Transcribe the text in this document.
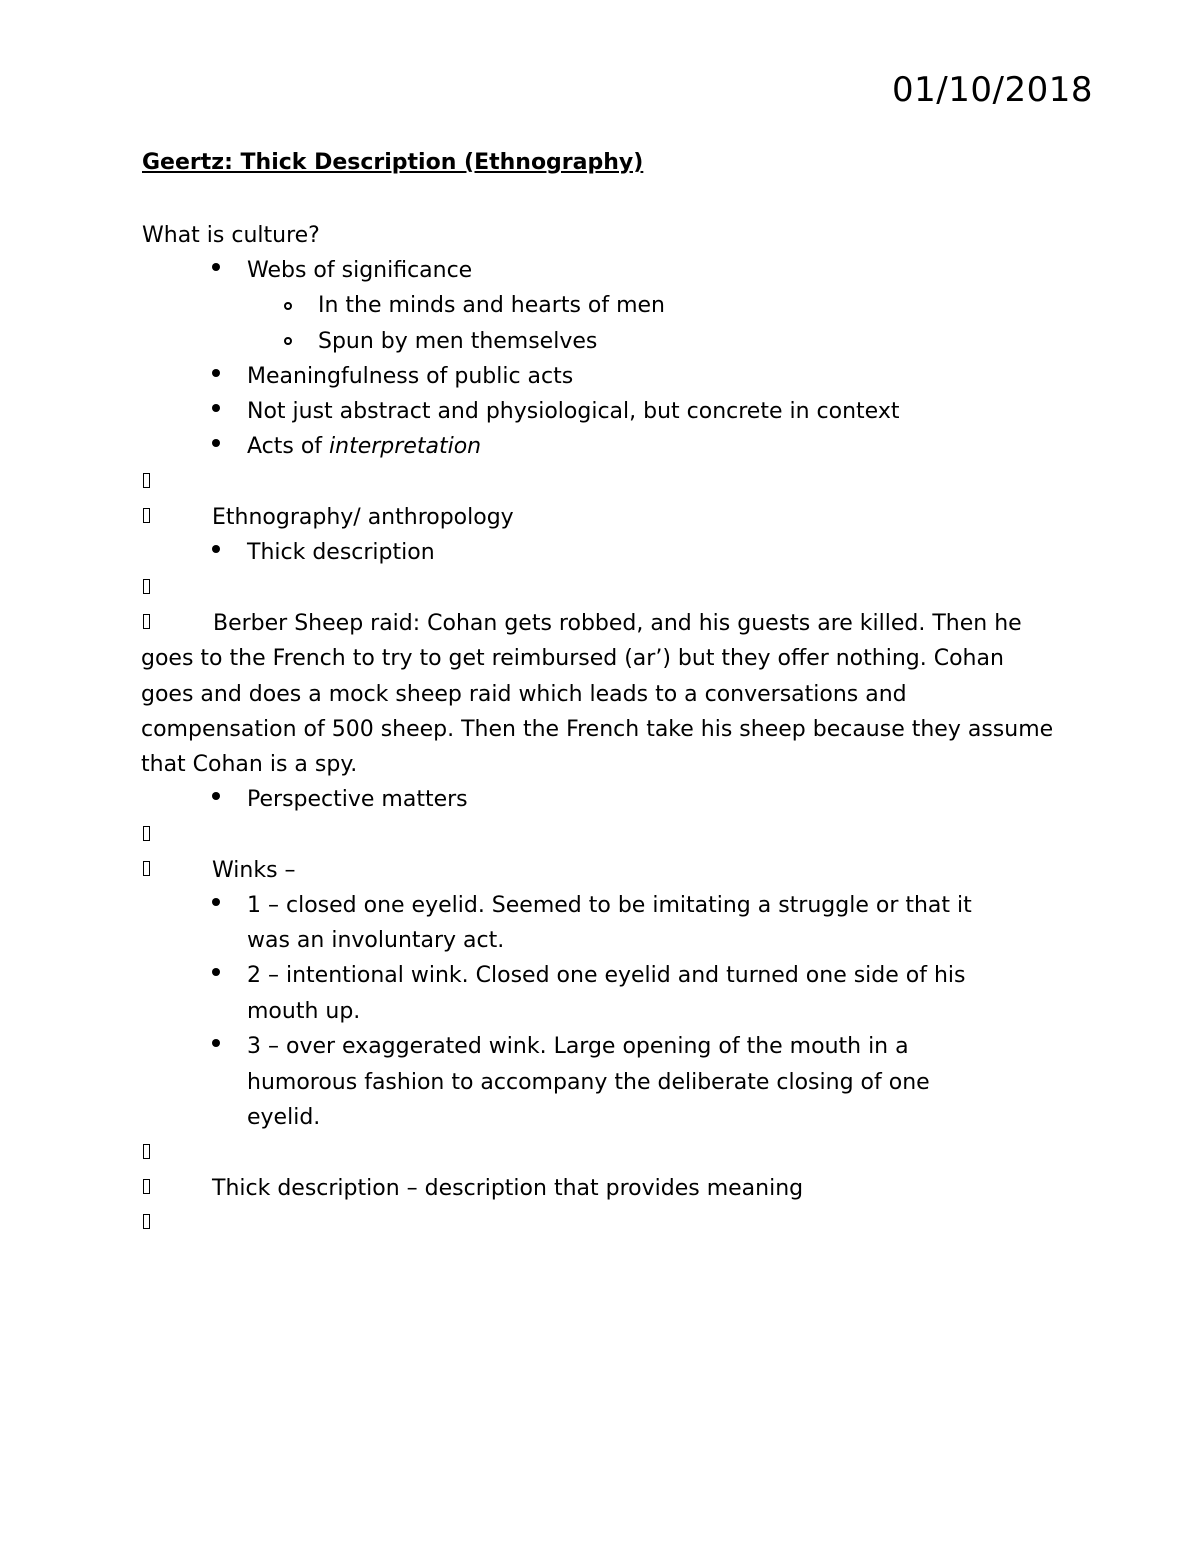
01/10/2018
Geertz: Thick Description (Ethnography)
What is culture?
Webs of significance
In the minds and hearts of men
Spun by men themselves
Meaningfulness of public acts
Not just abstract and physiological, but concrete in context
Acts of interpretation
Ethnography/ anthropology
Thick description
Berber Sheep raid: Cohan gets robbed, and his guests are killed. Then he goes to the French to try to get reimbursed (ar’) but they offer nothing. Cohan goes and does a mock sheep raid which leads to a conversations and compensation of 500 sheep. Then the French take his sheep because they assume that Cohan is a spy.
Perspective matters
Winks –
1 – closed one eyelid. Seemed to be imitating a struggle or that it
was an involuntary act.
2 – intentional wink. Closed one eyelid and turned one side of his
mouth up.
3 – over exaggerated wink. Large opening of the mouth in a
humorous fashion to accompany the deliberate closing of one
eyelid.
Thick description – description that provides meaning
